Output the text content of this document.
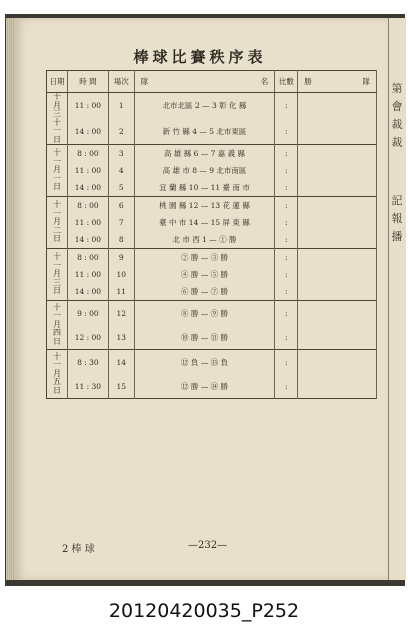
第
會
裁
裁
記
報
播
棒球比賽秩序表
日期	時 間	場次	隊 名	比數	勝 隊

十月三十一日	11 : 00	1	北市北區 2 — 3 彰 化 縣	:	
	14 : 00	2	新 竹 縣 4 — 5 北市東區	:	
十一月一日	8 : 00	3	高 雄 縣 6 — 7 嘉 義 縣	:	
	11 : 00	4	高 雄 市 8 — 9 北市南區	:	
	14 : 00	5	宜 蘭 縣 10 — 11 臺 南 市	:	
十一月二日	8 : 00	6	桃 園 縣 12 — 13 花 蓮 縣	:	
	11 : 00	7	臺 中 市 14 — 15 屏 東 縣	:	
	14 : 00	8	北 市 西 1 — ① 勝	:	
十一月三日	8 : 00	9	② 勝 — ③ 勝	:	
	11 : 00	10	④ 勝 — ⑤ 勝	:	
	14 : 00	11	⑥ 勝 — ⑦ 勝	:	
十一月四日	9 : 00	12	⑧ 勝 — ⑨ 勝	:	
	12 : 00	13	⑩ 勝 — ⑪ 勝	:	
十一月五日	8 : 30	14	⑫ 負 — ⑬ 負	:	
	11 : 30	15	⑫ 勝 — ⑭ 勝	:	
2 棒 球	—232—
20120420035_P252
